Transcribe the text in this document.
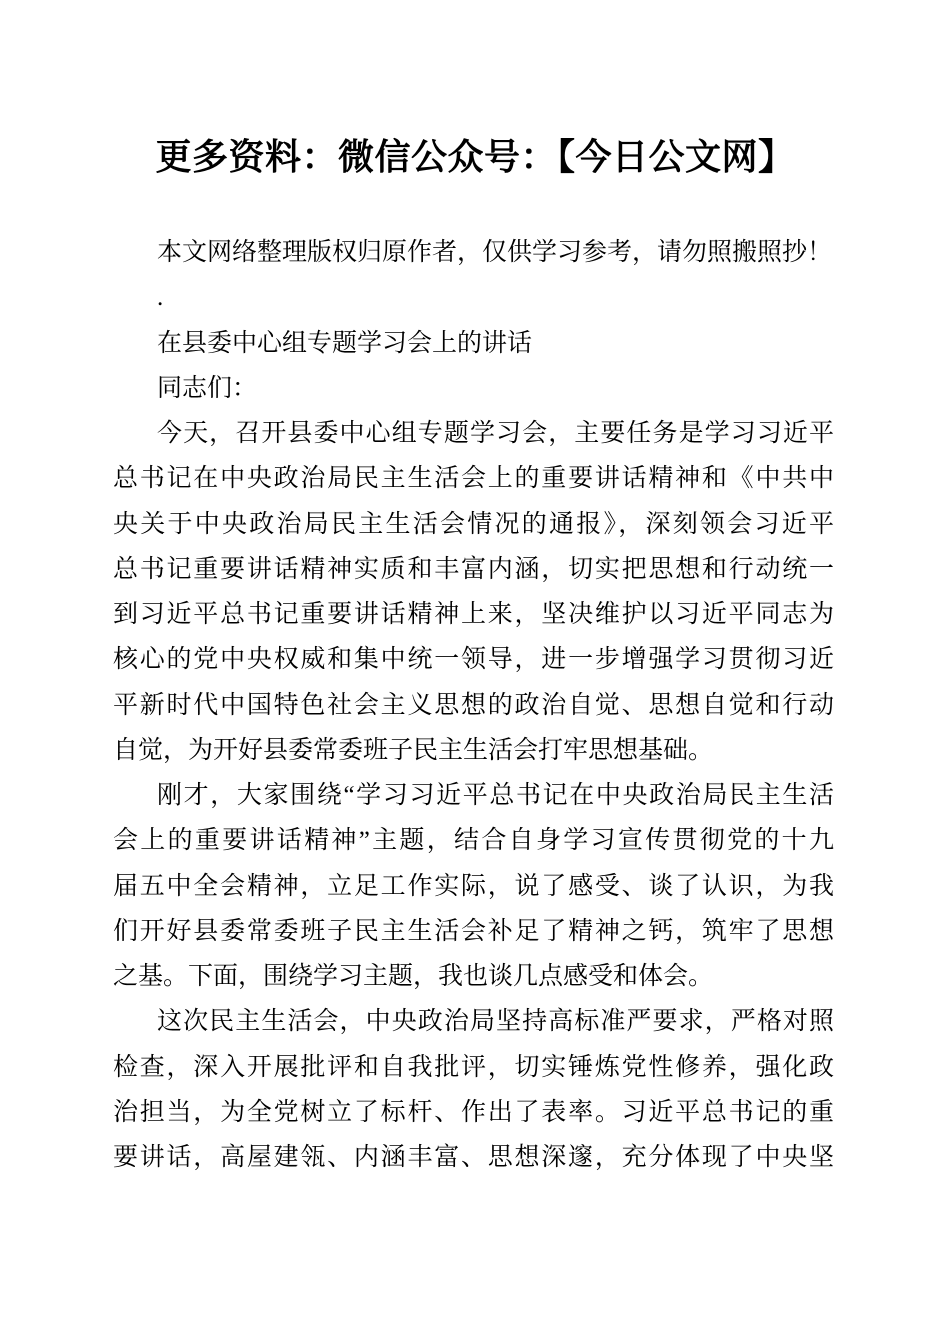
更多资料：微信公众号：【今日公文网】
本文网络整理版权归原作者，仅供学习参考，请勿照搬照抄！
.
在县委中心组专题学习会上的讲话
同志们：
今天，召开县委中心组专题学习会，主要任务是学习习近平
总书记在中央政治局民主生活会上的重要讲话精神和《中共中
央关于中央政治局民主生活会情况的通报》，深刻领会习近平
总书记重要讲话精神实质和丰富内涵，切实把思想和行动统一
到习近平总书记重要讲话精神上来，坚决维护以习近平同志为
核心的党中央权威和集中统一领导，进一步增强学习贯彻习近
平新时代中国特色社会主义思想的政治自觉、思想自觉和行动
自觉，为开好县委常委班子民主生活会打牢思想基础。
刚才，大家围绕“学习习近平总书记在中央政治局民主生活
会上的重要讲话精神”主题，结合自身学习宣传贯彻党的十九
届五中全会精神，立足工作实际，说了感受、谈了认识，为我
们开好县委常委班子民主生活会补足了精神之钙，筑牢了思想
之基。下面，围绕学习主题，我也谈几点感受和体会。
这次民主生活会，中央政治局坚持高标准严要求，严格对照
检查，深入开展批评和自我批评，切实锤炼党性修养，强化政
治担当，为全党树立了标杆、作出了表率。习近平总书记的重
要讲话，高屋建瓴、内涵丰富、思想深邃，充分体现了中央坚
